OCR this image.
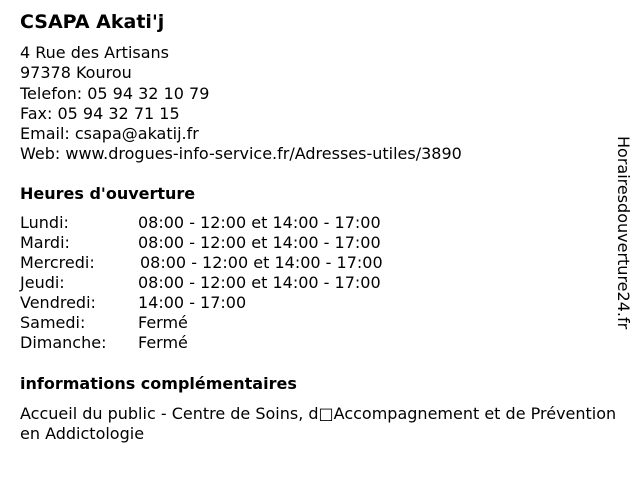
CSAPA Akati'j
4 Rue des Artisans
97378 Kourou
Telefon: 05 94 32 10 79
Fax: 05 94 32 71 15
Email: csapa@akatij.fr
Web: www.drogues-info-service.fr/Adresses-utiles/3890
Heures d'ouverture
Lundi:	08:00 - 12:00 et 14:00 - 17:00
Mardi:	08:00 - 12:00 et 14:00 - 17:00
Mercredi:	08:00 - 12:00 et 14:00 - 17:00
Jeudi:	08:00 - 12:00 et 14:00 - 17:00
Vendredi:	14:00 - 17:00
Samedi:	Fermé
Dimanche: Fermé
informations complémentaires
Accueil du public - Centre de Soins, d□Accompagnement et de Prévention en Addictologie
Horairesdouverture24.fr
